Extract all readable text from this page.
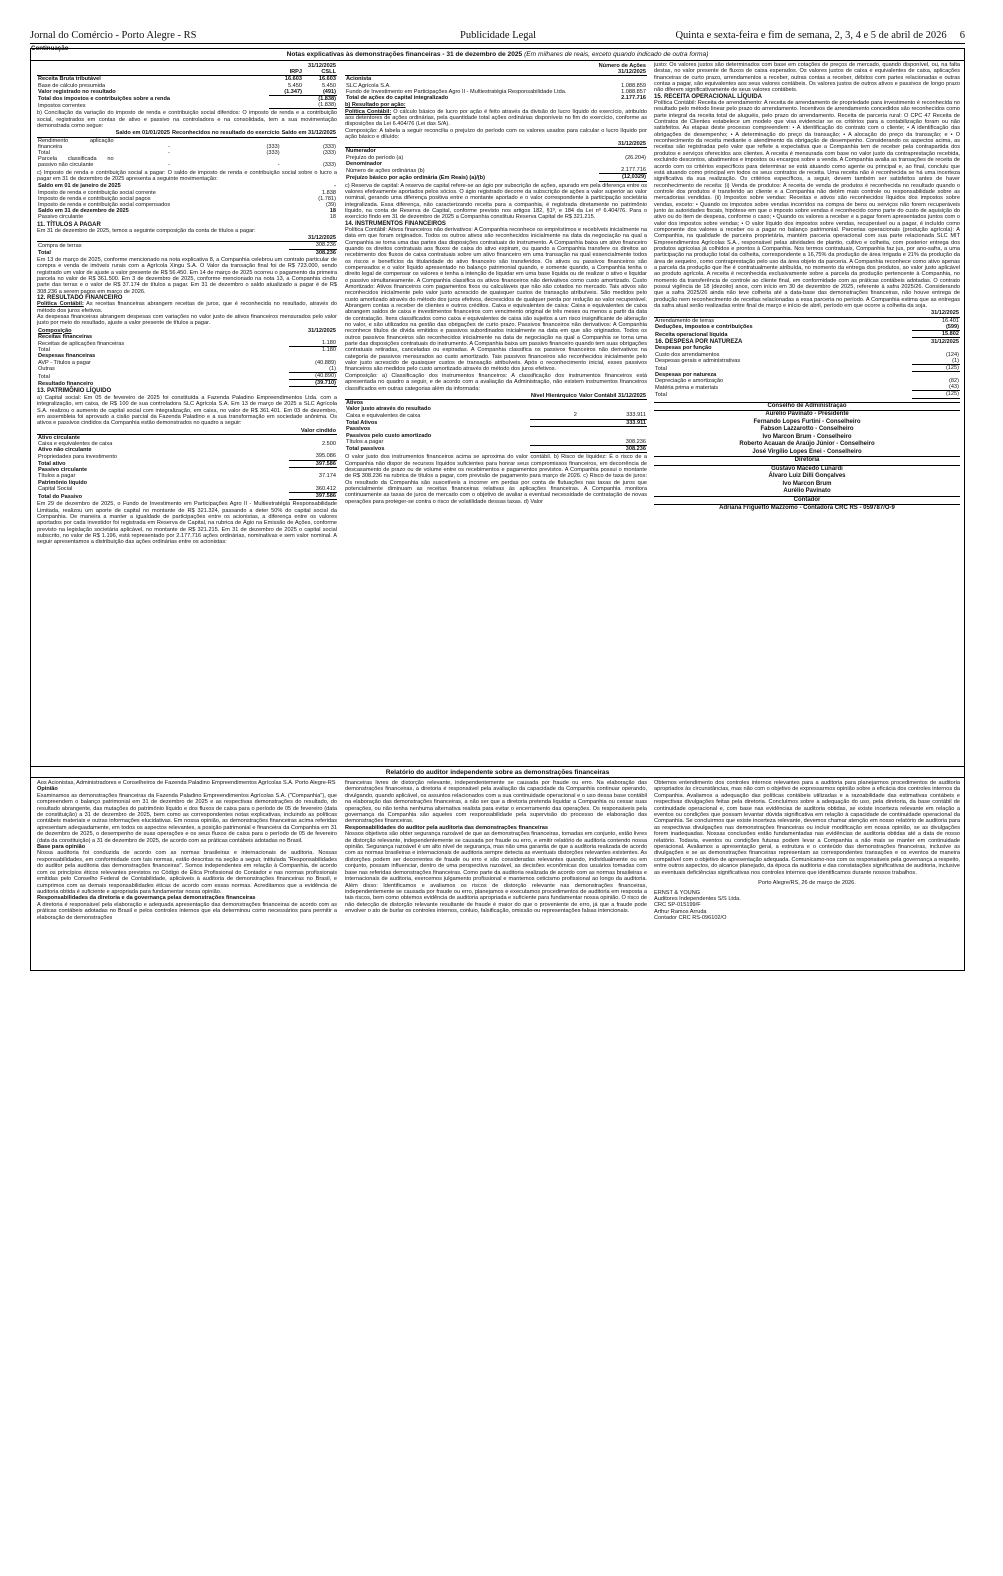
Jornal do Comércio - Porto Alegre - RS	Publicidade Legal	Quinta e sexta-feira e fim de semana, 2, 3, 4 e 5 de abril de 2026 6
Continuação
Notas explicativas às demonstrações financeiras - 31 de dezembro de 2025 (Em milhares de reais, exceto quando indicado de outra forma)
		31/12/2025
	IRPJ	CSLL
Receita Bruta tributável	16.603	16.603
Base de cálculo presumida	5.450	5.450
Valor registrado no resultado	(1.347)	(491)
Total dos impostos e contribuições sobre a renda		(1.838)
Impostos correntes		(1.838)

b) Conciliação da variação do imposto de renda e contribuição social diferidos: O imposto de renda e a contribuição social, registrados em contas de ativo e passivo na controladora e na consolidada, tem a sua movimentação demonstrada como segue:

	Saldo em 01/01/2025	Reconhecidos no resultado do exercício	Saldo em 31/12/2025
Rendimento aplicação financeira	-	(333)	(333)
Total	-	(333)	(333)
Parcela classificada no passivo não circulante	-	-	(333)

c) Imposto de renda e contribuição social a pagar: O saldo de imposto de renda e contribuição social sobre o lucro a pagar em 31 de dezembro de 2025 apresenta a seguinte movimentação:

Saldo em 01 de janeiro de 2025	-
Imposto de renda e contribuição social corrente	1.838
Imposto de renda e contribuição social pagos	(1.781)
Imposto de renda e contribuição social compensados	(39)
Saldo em 31 de dezembro de 2025	18
Passivo circulante	18

11. TÍTULOS A PAGAR

Em 31 de dezembro de 2025, temos a seguinte composição da conta de títulos a pagar:

	31/12/2025
Compra de terras	308.236
Total	308.236

Em 13 de março de 2025, conforme mencionado na nota explicativa 8, a Companhia celebrou um contrato particular de compra e venda de imóveis rurais com a Agrícola Xingu S.A. O Valor da transação final foi de R$ 723.000, sendo registrado um valor de ajuste a valor presente de R$ 56.450. Em 14 de março de 2025 ocorreu o pagamento da primeira parcela no valor de R$ 361.500. Em 3 de dezembro de 2025, conforme mencionado na nota 13, a Companhia cindiu parte das terras e o valor de R$ 37.174 de títulos a pagar. Em 31 de dezembro o saldo atualizado a pagar é de R$ 308.236 a serem pagos em março de 2026.

12. RESULTADO FINANCEIRO

Política Contábil: As receitas financeiras abrangem receitas de juros, que é reconhecida no resultado, através do método dos juros efetivos.

As despesas financeiras abrangem despesas com variações no valor justo de ativos financeiros mensurados pelo valor justo por meio do resultado, ajuste a valor presente de títulos a pagar.

Composição	31/12/2025
Receitas financeiras	
Receitas de aplicações financeiras	1.180
Total	1.180
Despesas financeiras	
AVP - Títulos a pagar	(40.889)
Outras	(1)
Total	(40.890)
Resultado financeiro	(39.710)

13. PATRIMÔNIO LÍQUIDO

a) Capital social: Em 05 de fevereiro de 2025 foi constituída a Fazenda Paladino Empreendimentos Ltda. com a integralização, em caixa, de R$ 100 de sua controladora SLC Agrícola S.A. Em 13 de março de 2025 a SLC Agrícola S.A. realizou o aumento de capital social com integralização, em caixa, no valor de R$ 361.401. Em 03 de dezembro, em assembleia foi aprovado a cisão parcial da Fazenda Paladino e a sua transformação em sociedade anônima. Os ativos e passivos cindidos da Companhia estão demonstrados no quadro a seguir:

	Valor cindido
Ativo circulante	
Caixa e equivalentes de caixa	2.500
Ativo não circulante	
Propriedades para investimento	395.086
Total ativo	397.586
Passivo circulante	
Títulos a pagar	37.174
Patrimônio líquido	
Capital Social	360.412
Total do Passivo	397.586

Em 29 de dezembro de 2025, o Fundo de Investimento em Participações Agro II - Multiestratégia Responsabilidade Limitada, realizou um aporte de capital no montante de R$ 321.324, passando a deter 50% do capital social da Companhia. De maneira a manter a igualdade de participações entre os acionistas, a diferença entre os valores aportados por cada investidor foi registrada em Reserva de Capital, na rubrica de Ágio na Emissão de Ações, conforme previsto na legislação societária aplicável, no montante de R$ 321.215. Em 31 de dezembro de 2025 o capital social subscrito, no valor de R$ 1.196, está representado por 2.177.716 ações ordinárias, nominativas e sem valor nominal. A seguir apresentamos a distribuição das ações ordinárias entre os acionistas:

	Número de Ações
	31/12/2025
Acionista	
SLC Agrícola S.A.	1.088.859
Fundo de Investimento em Participações Agro II - Multiestratégia Responsabilidade Ltda.	1.088.857
Total de ações do capital integralizado	2.177.716

b) Resultado por ação:

Política Contábil: O cálculo básico de lucro por ação é feito através da divisão do lucro líquido do exercício, atribuído aos detentores de ações ordinárias, pela quantidade total ações ordinárias disponíveis no fim do exercício, conforme as disposições da Lei 6.404/76 (Lei das S/A).

Composição: A tabela a seguir reconcilia o prejuízo do período com os valores usados para calcular o lucro líquido por ação básico e diluído:

	31/12/2025
Numerador	
Prejuízo do período (a)	(26.204)
Denominador	
Número de ações ordinárias (b)	2.177.716
Prejuízo básico por ação ordinária (Em Reais) (a)/(b)	(12,0329)

c) Reserva de capital: A reserva de capital refere-se ao ágio por subscrição de ações, apurado em pela diferença entre os valores efetivamente aportados pelos sócios. O ágio registrado decorre da subscrição de ações a valor superior ao valor nominal, gerando uma diferença positiva entre o montante aportado e o valor correspondente à participação societária integralizada. Essa diferença, não caracterizando receita para a companhia, é registrada diretamente no patrimônio líquido, na conta de Reserva de Capital, conforme previsto nos artigos 182, §1º, e 184 da Lei nº 6.404/76. Para o exercício findo em 31 de dezembro de 2025 a Companhia constituiu Reserva Capital de R$ 321.215.

14. INSTRUMENTOS FINANCEIROS

Política Contábil: Ativos financeiros não derivativos: A Companhia reconhece os empréstimos e recebíveis inicialmente na data em que foram originados. Todos os outros ativos são reconhecidos inicialmente na data da negociação na qual a Companhia se torna uma das partes das disposições contratuais do instrumento. A Companhia baixa um ativo financeiro quando os direitos contratuais aos fluxos de caixa do ativo expiram, ou quando a Companhia transfere os direitos ao recebimento dos fluxos de caixa contratuais sobre um ativo financeiro em uma transação na qual essencialmente todos os riscos e benefícios da titularidade do ativo financeiro são transferidos. Os ativos ou passivos financeiros são compensados e o valor líquido apresentado no balanço patrimonial quando, e somente quando, a Companhia tenha o direito legal de compensar os valores e tenha a intenção de liquidar em uma base líquida ou de realizar o ativo e liquidar o passivo simultaneamente. A Companhia classifica os ativos financeiros não derivativos como custo amortizado. Custo Amortizado: Ativos financeiros com pagamentos fixos ou calculáveis que não são cotados no mercado. Tais ativos são reconhecidos inicialmente pelo valor justo acrescido de quaisquer custos de transação atribuíveis. São medidos pelo custo amortizado através do método dos juros efetivos, decrescidos de qualquer perda por redução ao valor recuperável. Abrangem contas a receber de clientes e outros créditos. Caixa e equivalentes de caixa: Caixa e equivalentes de caixa abrangem saldos de caixa e investimentos financeiros com vencimento original de três meses ou menos a partir da data de contratação. Itens classificados como caixa e equivalentes de caixa são sujeitos a um risco insignificante de alteração no valor, e são utilizados na gestão das obrigações de curto prazo. Passivos financeiros não derivativos: A Companhia reconhece títulos de dívida emitidos e passivos subordinados inicialmente na data em que são originados. Todos os outros passivos financeiros são reconhecidos inicialmente na data de negociação na qual a Companhia se torna uma parte das disposições contratuais do instrumento. A Companhia baixa um passivo financeiro quando tem suas obrigações contratuais retiradas, canceladas ou expiradas. A Companhia classifica os passivos financeiros não derivativos na categoria de passivos mensurados ao custo amortizado. Tais passivos financeiros são reconhecidos inicialmente pelo valor justo acrescido de quaisquer custos de transação atribuíveis. Após o reconhecimento inicial, esses passivos financeiros são medidos pelo custo amortizado através do método dos juros efetivos.

Composição: a) Classificação dos instrumentos financeiros: A classificação dos instrumentos financeiros está apresentada no quadro a seguir, e de acordo com a avaliação da Administração, não existem instrumentos financeiros classificados em outras categorias além da informada:

	Nível Hierárquico	Valor Contábil 31/12/2025
Ativos		
Valor justo através do resultado		
Caixa e equivalentes de caixa	2	333.911
Total Ativos		333.911
Passivos		
Passivos pelo custo amortizado		
Títulos a pagar		308.236
Total passivos		308.236

O valor justo dos instrumentos financeiros acima se aproxima do valor contábil. b) Risco de liquidez: É o risco de a Companhia não dispor de recursos líquidos suficientes para honrar seus compromissos financeiros, em decorrência de descasamento de prazo ou de volume entre os recebimentos e pagamentos previstos. A Companhia possui o montante de R$ 308.236 na rubrica de títulos a pagar, com previsão de pagamento para março de 2026. c) Risco de taxa de juros: Os resultado da Companhia são suscetíveis a incorrer em perdas por conta de flutuações nas taxas de juros que potencialmente diminuam as receitas financeiras relativas às aplicações financeiras. A Companhia monitora continuamente as taxas de juros de mercado com o objetivo de avaliar a eventual necessidade de contratação de novas operações para proteger-se contra o risco de volatilidade dessas taxas. d) Valor

justo: Os valores justos são determinados com base em cotações de preços de mercado, quando disponível, ou, na falta destas, no valor presente de fluxos de caixa esperados. Os valores justos de caixa e equivalentes de caixa, aplicações financeiras de curto prazo, arrendamentos a receber, outras contas a receber, débitos com partes relacionadas e outras contas a pagar, são equivalentes aos seus valores contábeis. Os valores justos de outros ativos e passivos de longo prazo não diferem significativamente de seus valores contábeis.

15. RECEITA OPERACIONAL LÍQUIDA

Política Contábil: Receita de arrendamento: A receita de arrendamento de propriedade para investimento é reconhecida no resultado pelo método linear pelo prazo do arrendamento. Incentivos de arrendamento concedidos são reconhecidos como parte integral da receita total de aluguéis, pelo prazo do arrendamento. Receita de parceria rural: O CPC 47 Receita de Contratos de Clientes estabelece um modelo que visa evidenciar se os critérios para a contabilização foram ou não satisfeitos. As etapas deste processo compreendem: • A identificação do contrato com o cliente; • A identificação das obrigações de desempenho; • A determinação do preço da transação; • A alocação do preço da transação; e • O reconhecimento da receita mediante o atendimento da obrigação de desempenho. Considerando os aspectos acima, as receitas são registradas pelo valor que reflete a expectativa que a Companhia tem de receber pela contrapartida dos produtos e serviços oferecidos aos clientes. A receita é mensurada com base no valor justo da contraprestação recebida, excluindo descontos, abatimentos e impostos ou encargos sobre a venda. A Companhia avalia as transações de receita de acordo com os critérios específicos para determinar se está atuando como agente ou principal e, ao final, concluiu que está atuando como principal em todos os seus contratos de receita. Uma receita não é reconhecida se há uma incerteza significativa da sua realização. Os critérios específicos, a seguir, devem também ser satisfeitos antes de haver reconhecimento de receita: (i) Venda de produtos: A receita de venda de produtos é reconhecida no resultado quando o controle dos produtos é transferido ao cliente e a Companhia não detém mais controle ou responsabilidade sobre as mercadorias vendidas. (ii) Impostos sobre vendas: Receitas e ativos são reconhecidos líquidos dos impostos sobre vendas, exceto: • Quando os impostos sobre vendas incorridos na compra de bens ou serviços não forem recuperáveis junto às autoridades fiscais, hipótese em que o imposto sobre vendas é reconhecido como parte do custo de aquisição do ativo ou do item de despesa, conforme o caso; • Quando os valores a receber e a pagar forem apresentados juntos com o valor dos impostos sobre vendas; • O valor líquido dos impostos sobre vendas, recuperável ou a pagar, é incluído como componente dos valores a receber ou a pagar no balanço patrimonial. Parcerias operacionais (produção agrícola): A Companhia, na qualidade de parceira proprietária, mantém parceria operacional com sua parte relacionada SLC MIT Empreendimentos Agrícolas S.A., responsável pelas atividades de plantio, cultivo e colheita, com posterior entrega dos produtos agrícolas já colhidos e prontos à Companhia. Nos termos contratuais, Companhia faz jus, por ano-safra, a uma participação na produção total da colheita, correspondente a 16,75% da produção de área irrigada e 21% da produção da área de sequeiro, como contraprestação pelo uso da área objeto da parceria. A Companhia reconhece como ativo apenas a parcela da produção que lhe é contratualmente atribuída, no momento da entrega dos produtos, ao valor justo aplicável ao produto agrícola. A receita é reconhecida exclusivamente sobre a parcela da produção pertencente à Companhia, no momento da transferência de controle ao cliente final, em conformidade com as práticas contábeis adotadas. O contrato possui vigência de 18 (dezoito) anos, com início em 30 de dezembro de 2025, referente à safra 2025/26. Considerando que a safra 2025/26 ainda não teve colheita até a data-base das demonstrações financeiras, não houve entrega de produção nem reconhecimento de receitas relacionadas a essa parceria no período. A Companhia estima que as entregas da safra atual serão realizadas entre final de março e início de abril, período em que ocorre a colheita da soja.

	31/12/2025
Arrendamento de terras	16.401
Deduções, impostos e contribuições	(599)
Receita operacional líquida	15.802
16. DESPESA POR NATUREZA	31/12/2025
Despesas por função	
Custo dos arrendamentos	(124)
Despesas gerais e administrativas	(1)
Total	(125)
Despesas por natureza	
Depreciação e amortização	(82)
Matéria prima e materiais	(43)
Total	(125)
Conselho de Administração
Aurélio Pavinato - Presidente
Fernando Lopes Furtini - Conselheiro
Fabson Lazzarotto - Conselheiro
Ivo Marcon Brum - Conselheiro
Roberto Acauan de Araújo Júnior - Conselheiro
José Virgílio Lopes Enei - Conselheiro
Diretoria
Gustavo Macedo Lunardi
Álvaro Luiz Dilli Gonçalves
Ivo Marcon Brum
Aurélio Pavinato
Contador
Adriana Friguetto Mazzomo - Contadora CRC RS - 059787/O-9
Relatório do auditor independente sobre as demonstrações financeiras

Aos Acionistas, Administradores e Conselheiros de Fazenda Paladino Empreendimentos Agrícolas S.A. Porto Alegre-RS

Opinião

Examinamos as demonstrações financeiras da Fazenda Paladino Empreendimentos Agrícolas S.A. ("Companhia"), que compreendem o balanço patrimonial em 31 de dezembro de 2025 e as respectivas demonstrações do resultado, do resultado abrangente, das mutações do patrimônio líquido e dos fluxos de caixa para o período de 05 de fevereiro (data de constituição) a 31 de dezembro de 2025, bem como as correspondentes notas explicativas, incluindo as políticas contábeis materiais e outras informações elucidativas. Em nossa opinião, as demonstrações financeiras acima referidas apresentam adequadamente, em todos os aspectos relevantes, a posição patrimonial e financeira da Companhia em 31 de dezembro de 2025, o desempenho de suas operações e os seus fluxos de caixa para o período de 05 de fevereiro (data da constituição) a 31 de dezembro de 2025, de acordo com as práticas contábeis adotadas no Brasil.

Base para opinião

Nossa auditoria foi conduzida de acordo com as normas brasileiras e internacionais de auditoria. Nossas responsabilidades, em conformidade com tais normas, estão descritas na seção a seguir, intitulada "Responsabilidades do auditor pela auditoria das demonstrações financeiras". Somos independentes em relação à Companhia, de acordo com os princípios éticos relevantes previstos no Código de Ética Profissional do Contador e nas normas profissionais emitidas pelo Conselho Federal de Contabilidade, aplicáveis à auditoria de demonstrações financeiras no Brasil, e cumprimos com as demais responsabilidades éticas de acordo com essas normas. Acreditamos que a evidência de auditoria obtida é suficiente e apropriada para fundamentar nossa opinião.

Responsabilidades da diretoria e da governança pelas demonstrações financeiras

A diretoria é responsável pela elaboração e adequada apresentação das demonstrações financeiras de acordo com as práticas contábeis adotadas no Brasil e pelos controles internos que ela determinou como necessários para permitir a elaboração de demonstrações

financeiras livres de distorção relevante, independentemente se causada por fraude ou erro. Na elaboração das demonstrações financeiras, a diretoria é responsável pela avaliação da capacidade da Companhia continuar operando, divulgando, quando aplicável, os assuntos relacionados com a sua continuidade operacional e o uso dessa base contábil na elaboração das demonstrações financeiras, a não ser que a diretoria pretenda liquidar a Companhia ou cessar suas operações, ou não tenha nenhuma alternativa realista para evitar o encerramento das operações. Os responsáveis pela governança da Companhia são aqueles com responsabilidade pela supervisão do processo de elaboração das demonstrações financeiras.

Responsabilidades do auditor pela auditoria das demonstrações financeiras

Nossos objetivos são obter segurança razoável de que as demonstrações financeiras, tomadas em conjunto, estão livres de distorção relevante, independentemente se causada por fraude ou erro, e emitir relatório de auditoria contendo nossa opinião. Segurança razoável é um alto nível de segurança, mas não uma garantia de que a auditoria realizada de acordo com as normas brasileiras e internacionais de auditoria sempre detecta as eventuais distorções relevantes existentes. As distorções podem ser decorrentes de fraude ou erro e são consideradas relevantes quando, individualmente ou em conjunto, possam influenciar, dentro de uma perspectiva razoável, as decisões econômicas dos usuários tomadas com base nas referidas demonstrações financeiras. Como parte da auditoria realizada de acordo com as normas brasileiras e internacionais de auditoria, exercemos julgamento profissional e mantemos ceticismo profissional ao longo da auditoria. Além disso: Identificamos e avaliamos os riscos de distorção relevante nas demonstrações financeiras, independentemente se causada por fraude ou erro, planejamos e executamos procedimentos de auditoria em resposta a tais riscos, bem como obtemos evidência de auditoria apropriada e suficiente para fundamentar nossa opinião. O risco de não detecção de distorção relevante resultante de fraude é maior do que o proveniente de erro, já que a fraude pode envolver o ato de burlar os controles internos, conluio, falsificação, omissão ou representações falsas intencionais.

Obtemos entendimento dos controles internos relevantes para a auditoria para planejarmos procedimentos de auditoria apropriados às circunstâncias, mas não com o objetivo de expressarmos opinião sobre a eficácia dos controles internos da Companhia. Avaliamos a adequação das políticas contábeis utilizadas e a razoabilidade das estimativas contábeis e respectivas divulgações feitas pela diretoria. Concluímos sobre a adequação do uso, pela diretoria, da base contábil de continuidade operacional e, com base nas evidências de auditoria obtidas, se existe incerteza relevante em relação a eventos ou condições que possam levantar dúvida significativa em relação à capacidade de continuidade operacional da Companhia. Se concluirmos que existe incerteza relevante, devemos chamar atenção em nosso relatório de auditoria para as respectivas divulgações nas demonstrações financeiras ou incluir modificação em nossa opinião, se as divulgações forem inadequadas. Nossas conclusões estão fundamentadas nas evidências de auditoria obtidas até a data de nosso relatório. Todavia, eventos ou condições futuras podem levar a Companhia a não mais se manter em continuidade operacional. Avaliamos a apresentação geral, a estrutura e o conteúdo das demonstrações financeiras, inclusive as divulgações e se as demonstrações financeiras representam as correspondentes transações e os eventos de maneira compatível com o objetivo de apresentação adequada. Comunicamo-nos com os responsáveis pela governança a respeito, entre outros aspectos, do alcance planejado, da época da auditoria e das constatações significativas de auditoria, inclusive as eventuais deficiências significativas nos controles internos que identificamos durante nossos trabalhos.

Porto Alegre/RS, 26 de março de 2026.

ERNST & YOUNG
Auditores Independentes S/S Ltda.
CRC SP-015199/F
Arthur Ramos Arruda
Contador CRC RS-096102/O
